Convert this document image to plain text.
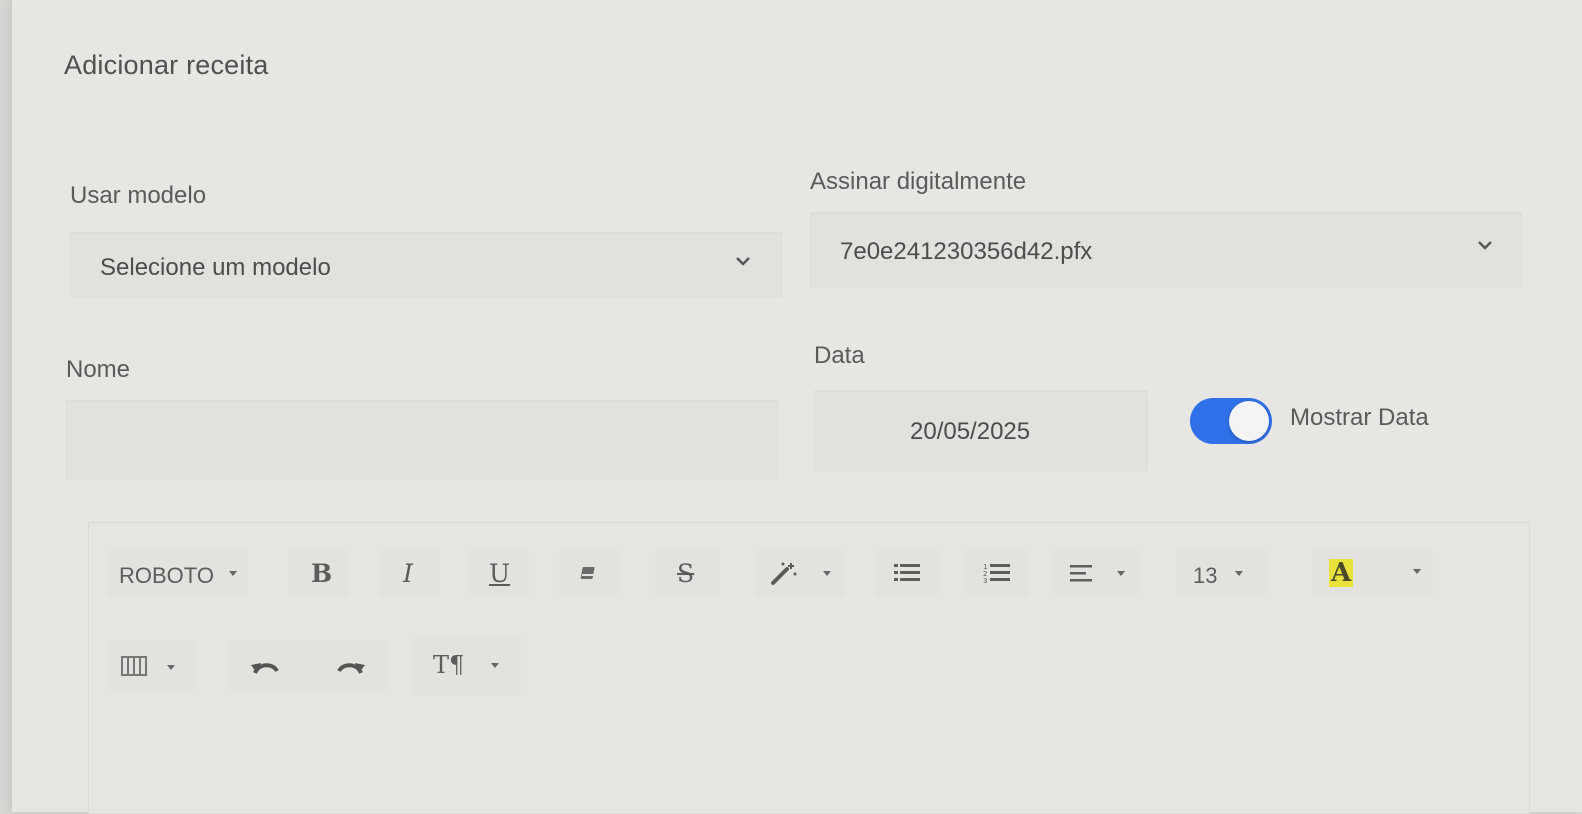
Adicionar receita
Usar modelo
Selecione um modelo
Assinar digitalmente
7e0e241230356d42.pfx
Nome
Data
20/05/2025
Mostrar Data
ROBOTO	B	I	U	S	1
2
3	13	A
T¶
